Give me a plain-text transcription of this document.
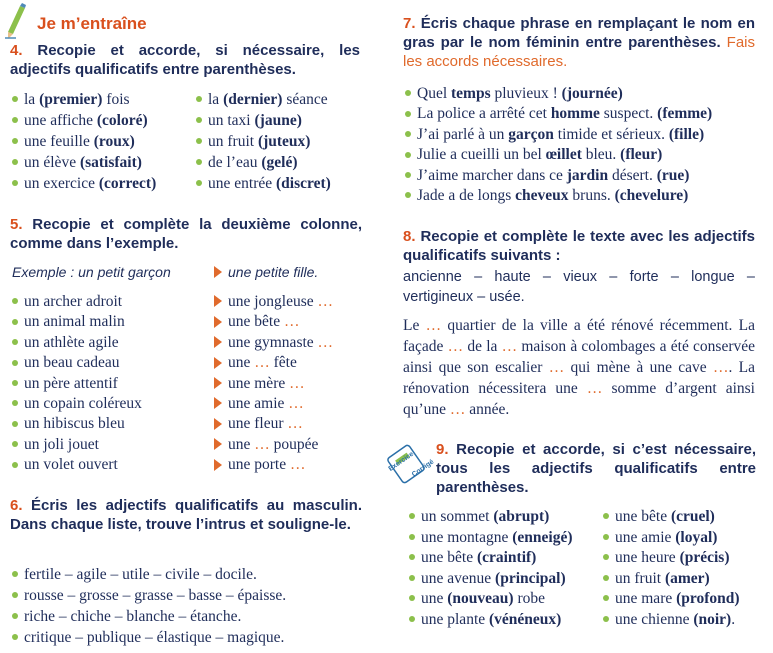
Je m’entraîne
4. Recopie et accorde, si nécessaire, les adjectifs qualificatifs entre parenthèses.
la (premier) fois
une affiche (coloré)
une feuille (roux)
un élève (satisfait)
un exercice (correct)
la (dernier) séance
un taxi (jaune)
un fruit (juteux)
de l’eau (gelé)
une entrée (discret)
5. Recopie et complète la deuxième colonne, comme dans l’exemple.
Exemple : un petit garçon	une petite fille.
un archer adroit
un animal malin
un athlète agile
un beau cadeau
un père attentif
un copain coléreux
un hibiscus bleu
un joli jouet
un volet ouvert
une jongleuse …
une bête …
une gymnaste …
une … fête
une mère …
une amie …
une fleur …
une … poupée
une porte …
6. Écris les adjectifs qualificatifs au masculin. Dans chaque liste, trouve l’intrus et souligne-le.
fertile – agile – utile – civile – docile.
rousse – grosse – grasse – basse – épaisse.
riche – chiche – blanche – étanche.
critique – publique – élastique – magique.
7. Écris chaque phrase en remplaçant le nom en gras par le nom féminin entre parenthèses. Fais les accords nécessaires.
Quel temps pluvieux ! (journée)
La police a arrêté cet homme suspect. (femme)
J’ai parlé à un garçon timide et sérieux. (fille)
Julie a cueilli un bel œillet bleu. (fleur)
J’aime marcher dans ce jardin désert. (rue)
Jade a de longs cheveux bruns. (chevelure)
8. Recopie et complète le texte avec les adjectifs qualificatifs suivants :
ancienne – haute – vieux – forte – longue –
vertigineux – usée.
Le … quartier de la ville a été rénové récemment. La façade … de la … maison à colombages a été conservée ainsi que son escalier … qui mène à une cave …. La rénovation nécessitera une … somme d’argent ainsi qu’une … année.
Exercice
Corrigé
9. Recopie et accorde, si c’est nécessaire, tous les adjectifs qualificatifs entre parenthèses.
un sommet (abrupt)
une montagne (enneigé)
une bête (craintif)
une avenue (principal)
une (nouveau) robe
une plante (vénéneux)
une bête (cruel)
une amie (loyal)
une heure (précis)
un fruit (amer)
une mare (profond)
une chienne (noir).
